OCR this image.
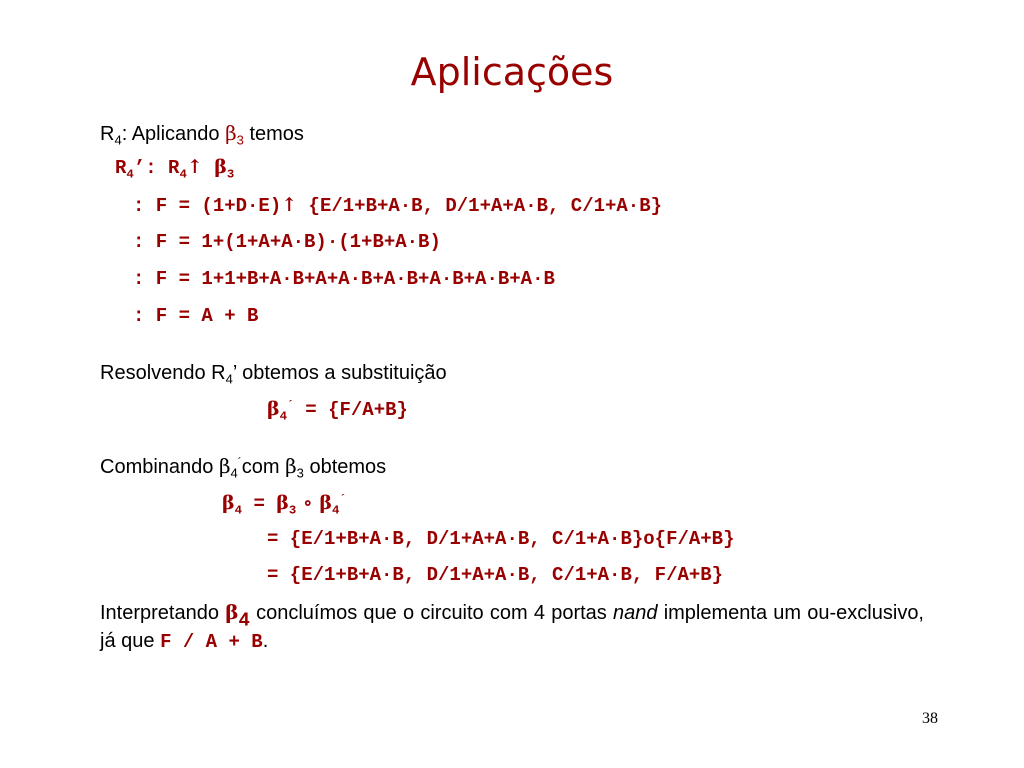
Aplicações
$R_4$: Aplicando $\beta_3$ temos
$R_4$’: $R_4↑$ $\beta_3$
: F = (1+D·E)↑ {E/1+B+A·B, D/1+A+A·B, C/1+A·B}
: F = 1+(1+A+A·B)·(1+B+A·B)
: F = 1+1+B+A·B+A+A·B+A·B+A·B+A·B+A·B
: F = A + B
Resolvendo $R_4$’ obtemos a substituição
$\beta_4^´ = \{F/A+B\}$
Combinando $\beta_4^´com$ $\beta_3$ obtemos
$\beta_4 = \beta_3$ ∘ $\beta_4^´$
= {E/1+B+A·B, D/1+A+A·B, C/1+A·B}o{F/A+B}
= {E/1+B+A·B, D/1+A+A·B, C/1+A·B, F/A+B}
Interpretando $\beta_4$ concluímos que o circuito com 4 portas nand implementa um ou-exclusivo, já que F / A + B.
38
